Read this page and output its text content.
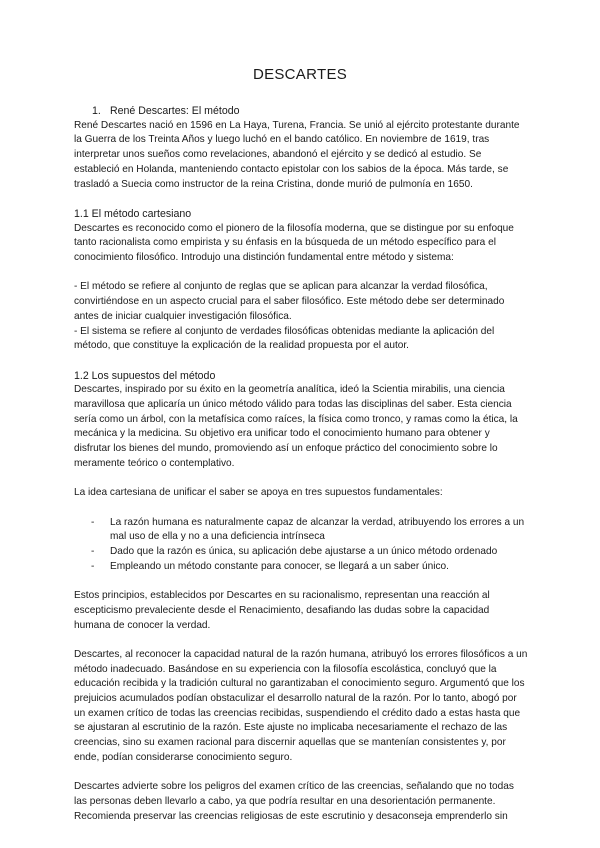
DESCARTES

1. René Descartes: El método

René Descartes nació en 1596 en La Haya, Turena, Francia. Se unió al ejército protestante durante la Guerra de los Treinta Años y luego luchó en el bando católico. En noviembre de 1619, tras interpretar unos sueños como revelaciones, abandonó el ejército y se dedicó al estudio. Se estableció en Holanda, manteniendo contacto epistolar con los sabios de la época. Más tarde, se trasladó a Suecia como instructor de la reina Cristina, donde murió de pulmonía en 1650.

1.1 El método cartesiano

Descartes es reconocido como el pionero de la filosofía moderna, que se distingue por su enfoque tanto racionalista como empirista y su énfasis en la búsqueda de un método específico para el conocimiento filosófico. Introdujo una distinción fundamental entre método y sistema:

- El método se refiere al conjunto de reglas que se aplican para alcanzar la verdad filosófica, convirtiéndose en un aspecto crucial para el saber filosófico. Este método debe ser determinado antes de iniciar cualquier investigación filosófica.

- El sistema se refiere al conjunto de verdades filosóficas obtenidas mediante la aplicación del método, que constituye la explicación de la realidad propuesta por el autor.

1.2 Los supuestos del método

Descartes, inspirado por su éxito en la geometría analítica, ideó la Scientia mirabilis, una ciencia maravillosa que aplicaría un único método válido para todas las disciplinas del saber. Esta ciencia sería como un árbol, con la metafísica como raíces, la física como tronco, y ramas como la ética, la mecánica y la medicina. Su objetivo era unificar todo el conocimiento humano para obtener y disfrutar los bienes del mundo, promoviendo así un enfoque práctico del conocimiento sobre lo meramente teórico o contemplativo.

La idea cartesiana de unificar el saber se apoya en tres supuestos fundamentales:

- La razón humana es naturalmente capaz de alcanzar la verdad, atribuyendo los errores a un mal uso de ella y no a una deficiencia intrínseca
- Dado que la razón es única, su aplicación debe ajustarse a un único método ordenado
- Empleando un método constante para conocer, se llegará a un saber único.

Estos principios, establecidos por Descartes en su racionalismo, representan una reacción al escepticismo prevaleciente desde el Renacimiento, desafiando las dudas sobre la capacidad humana de conocer la verdad.

Descartes, al reconocer la capacidad natural de la razón humana, atribuyó los errores filosóficos a un método inadecuado. Basándose en su experiencia con la filosofía escolástica, concluyó que la educación recibida y la tradición cultural no garantizaban el conocimiento seguro. Argumentó que los prejuicios acumulados podían obstaculizar el desarrollo natural de la razón. Por lo tanto, abogó por un examen crítico de todas las creencias recibidas, suspendiendo el crédito dado a estas hasta que se ajustaran al escrutinio de la razón. Este ajuste no implicaba necesariamente el rechazo de las creencias, sino su examen racional para discernir aquellas que se mantenían consistentes y, por ende, podían considerarse conocimiento seguro.

Descartes advierte sobre los peligros del examen crítico de las creencias, señalando que no todas las personas deben llevarlo a cabo, ya que podría resultar en una desorientación permanente. Recomienda preservar las creencias religiosas de este escrutinio y desaconseja emprenderlo sin
